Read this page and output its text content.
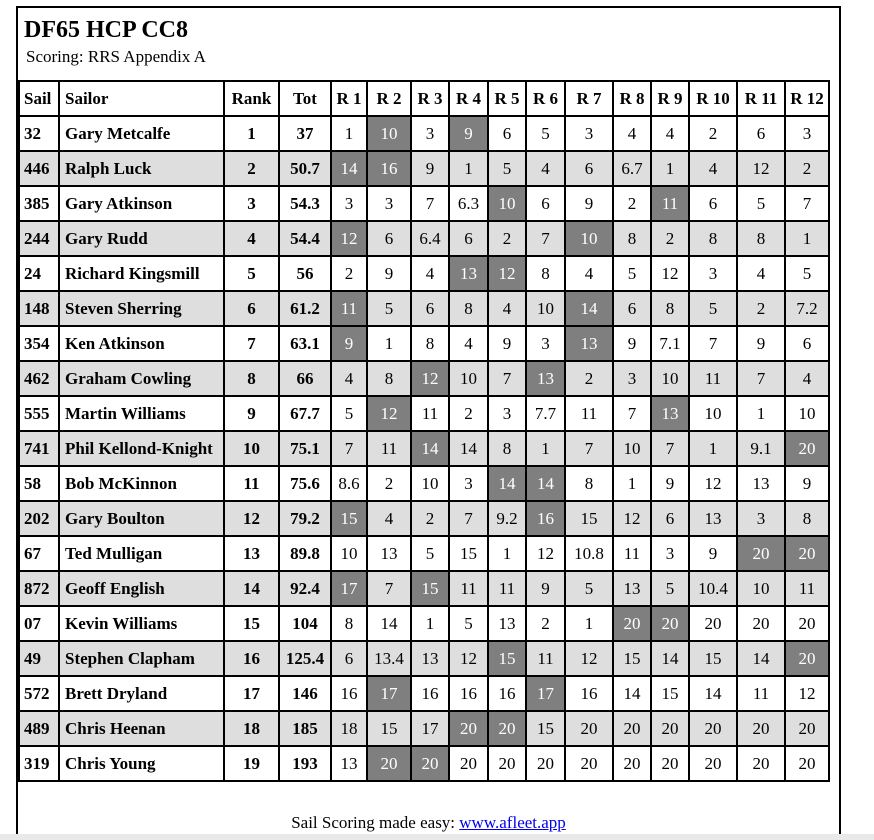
DF65 HCP CC8
Scoring: RRS Appendix A
Sail	Sailor	Rank	Tot	R 1	R 2	R 3	R 4	R 5	R 6	R 7	R 8	R 9	R 10	R 11	R 12
32	Gary Metcalfe	1	37	1	10	3	9	6	5	3	4	4	2	6	3
446	Ralph Luck	2	50.7	14	16	9	1	5	4	6	6.7	1	4	12	2
385	Gary Atkinson	3	54.3	3	3	7	6.3	10	6	9	2	11	6	5	7
244	Gary Rudd	4	54.4	12	6	6.4	6	2	7	10	8	2	8	8	1
24	Richard Kingsmill	5	56	2	9	4	13	12	8	4	5	12	3	4	5
148	Steven Sherring	6	61.2	11	5	6	8	4	10	14	6	8	5	2	7.2
354	Ken Atkinson	7	63.1	9	1	8	4	9	3	13	9	7.1	7	9	6
462	Graham Cowling	8	66	4	8	12	10	7	13	2	3	10	11	7	4
555	Martin Williams	9	67.7	5	12	11	2	3	7.7	11	7	13	10	1	10
741	Phil Kellond-Knight	10	75.1	7	11	14	14	8	1	7	10	7	1	9.1	20
58	Bob McKinnon	11	75.6	8.6	2	10	3	14	14	8	1	9	12	13	9
202	Gary Boulton	12	79.2	15	4	2	7	9.2	16	15	12	6	13	3	8
67	Ted Mulligan	13	89.8	10	13	5	15	1	12	10.8	11	3	9	20	20
872	Geoff English	14	92.4	17	7	15	11	11	9	5	13	5	10.4	10	11
07	Kevin Williams	15	104	8	14	1	5	13	2	1	20	20	20	20	20
49	Stephen Clapham	16	125.4	6	13.4	13	12	15	11	12	15	14	15	14	20
572	Brett Dryland	17	146	16	17	16	16	16	17	16	14	15	14	11	12
489	Chris Heenan	18	185	18	15	17	20	20	15	20	20	20	20	20	20
319	Chris Young	19	193	13	20	20	20	20	20	20	20	20	20	20	20
Sail Scoring made easy: www.afleet.app
